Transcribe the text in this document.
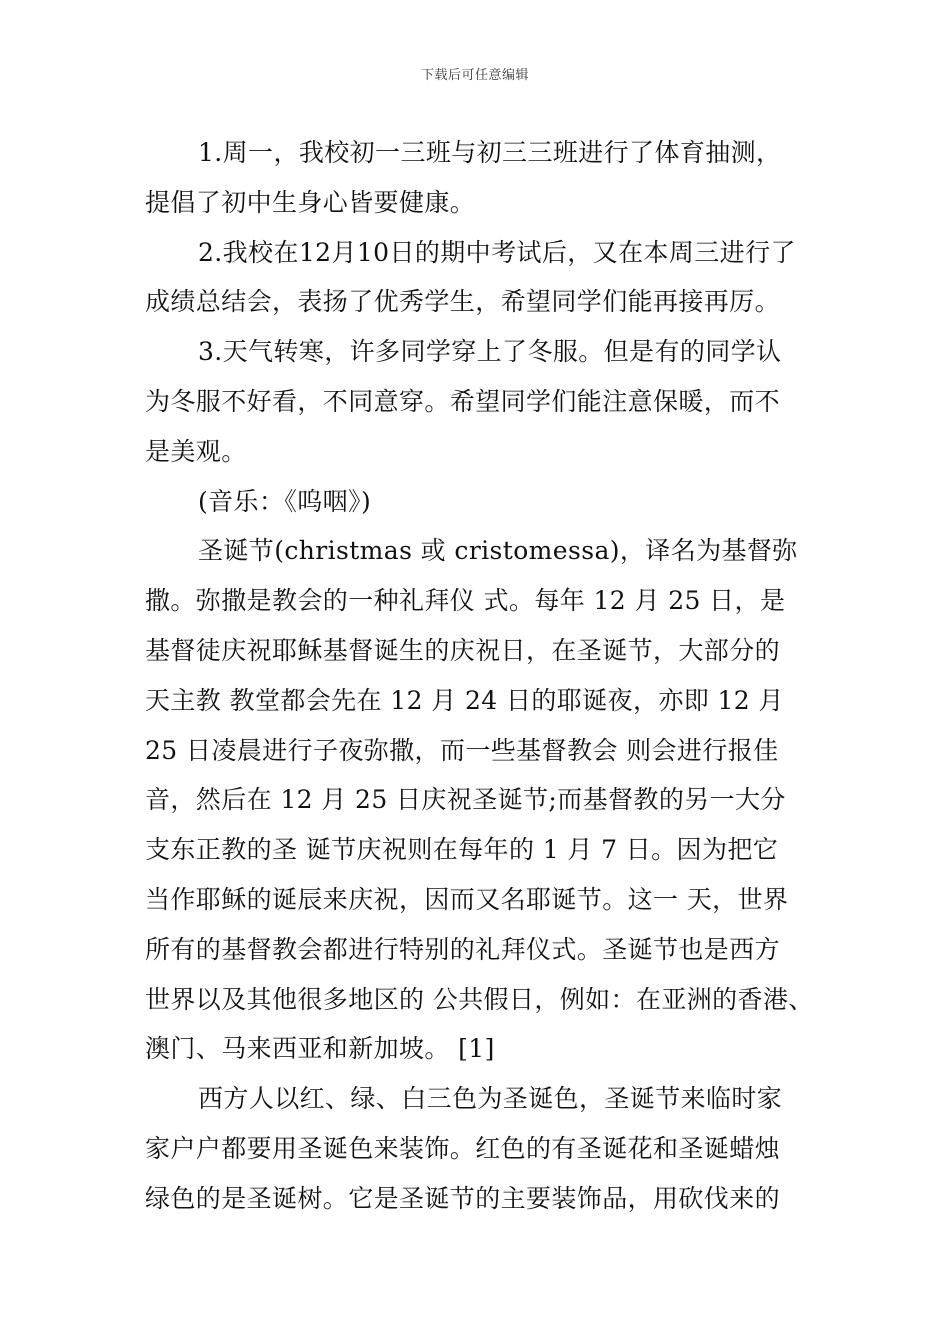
下载后可任意编辑
1.周一，我校初一三班与初三三班进行了体育抽测，
提倡了初中生身心皆要健康。
2.我校在12月10日的期中考试后，又在本周三进行了
成绩总结会，表扬了优秀学生，希望同学们能再接再厉。
3.天气转寒，许多同学穿上了冬服。但是有的同学认
为冬服不好看，不同意穿。希望同学们能注意保暖，而不
是美观。
(音乐：《呜咽》)
圣诞节(christmas 或 cristomessa)，译名为基督弥
撒。弥撒是教会的一种礼拜仪 式。每年 12 月 25 日，是
基督徒庆祝耶稣基督诞生的庆祝日，在圣诞节，大部分的
天主教 教堂都会先在 12 月 24 日的耶诞夜，亦即 12 月
25 日凌晨进行子夜弥撒，而一些基督教会 则会进行报佳
音，然后在 12 月 25 日庆祝圣诞节;而基督教的另一大分
支东正教的圣 诞节庆祝则在每年的 1 月 7 日。因为把它
当作耶稣的诞辰来庆祝，因而又名耶诞节。这一 天，世界
所有的基督教会都进行特别的礼拜仪式。圣诞节也是西方
世界以及其他很多地区的 公共假日，例如：在亚洲的香港、
澳门、马来西亚和新加坡。 [1]
西方人以红、绿、白三色为圣诞色，圣诞节来临时家
家户户都要用圣诞色来装饰。红色的有圣诞花和圣诞蜡烛
绿色的是圣诞树。它是圣诞节的主要装饰品，用砍伐来的
